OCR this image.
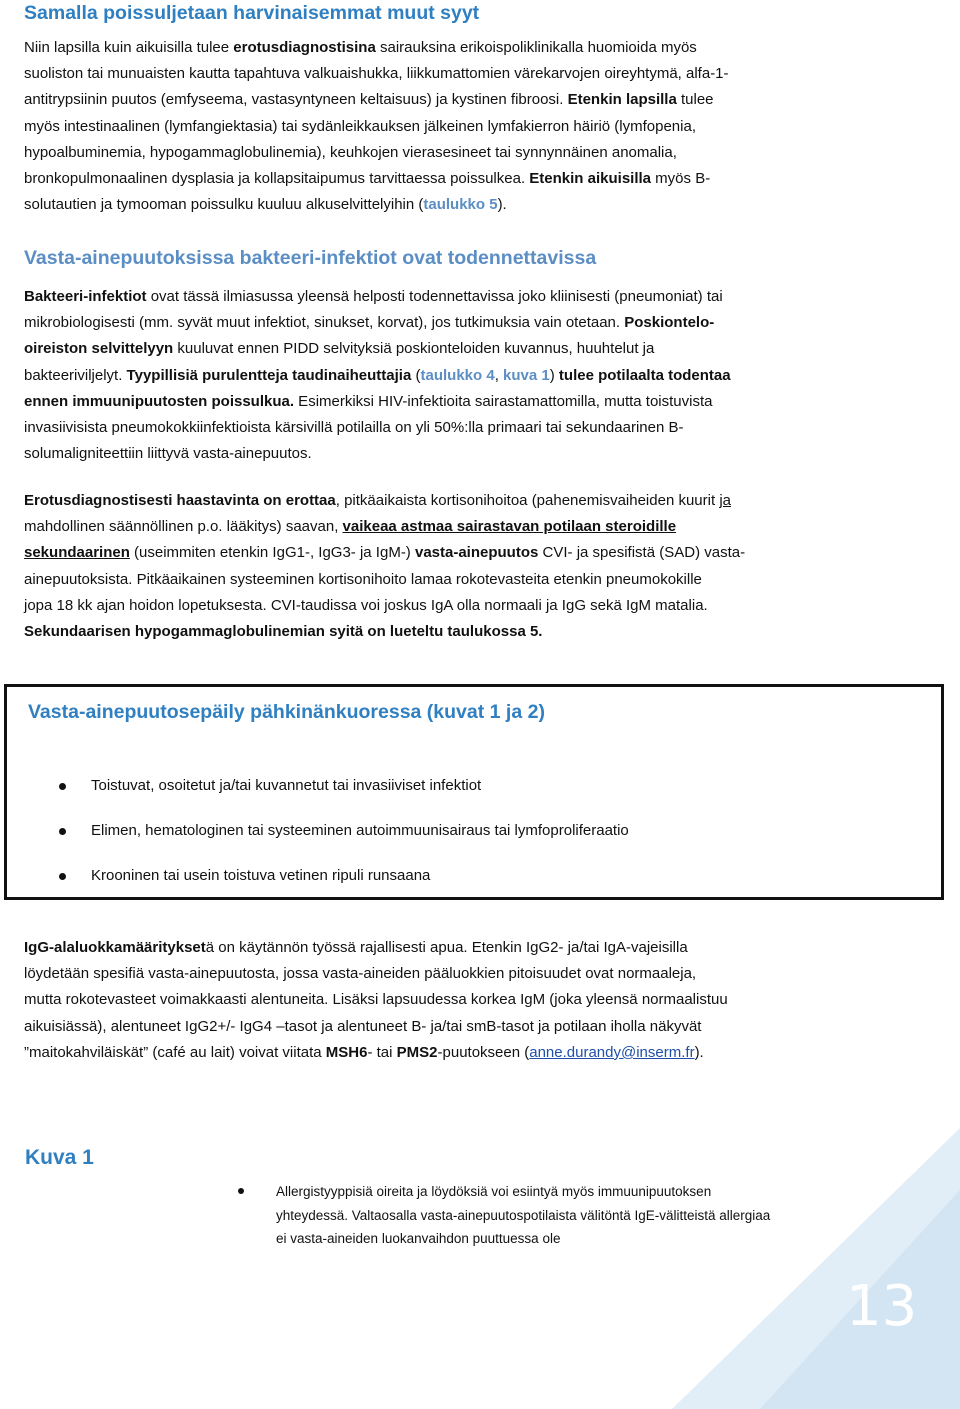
Samalla poissuljetaan harvinaisemmat muut syyt

Niin lapsilla kuin aikuisilla tulee erotusdiagnostisina sairauksina erikoispoliklinikalla huomioida myös
suoliston tai munuaisten kautta tapahtuva valkuaishukka, liikkumattomien värekarvojen oireyhtymä, alfa-1-
antitrypsiinin puutos (emfyseema, vastasyntyneen keltaisuus) ja kystinen fibroosi. Etenkin lapsilla tulee
myös intestinaalinen (lymfangiektasia) tai sydänleikkauksen jälkeinen lymfakierron häiriö (lymfopenia,
hypoalbuminemia, hypogammaglobulinemia), keuhkojen vierasesineet tai synnynnäinen anomalia,
bronkopulmonaalinen dysplasia ja kollapsitaipumus tarvittaessa poissulkea. Etenkin aikuisilla myös B-
solutautien ja tymooman poissulku kuuluu alkuselvittelyihin (taulukko 5).

Vasta-ainepuutoksissa bakteeri-infektiot ovat todennettavissa

Bakteeri-infektiot ovat tässä ilmiasussa yleensä helposti todennettavissa joko kliinisesti (pneumoniat) tai
mikrobiologisesti (mm. syvät muut infektiot, sinukset, korvat), jos tutkimuksia vain otetaan. Poskiontelo-
oireiston selvittelyyn kuuluvat ennen PIDD selvityksiä poskionteloiden kuvannus, huuhtelut ja
bakteeriviljelyt. Tyypillisiä purulentteja taudinaiheuttajia (taulukko 4, kuva 1) tulee potilaalta todentaa
ennen immuunipuutosten poissulkua. Esimerkiksi HIV-infektioita sairastamattomilla, mutta toistuvista
invasiivisista pneumokokkiinfektioista kärsivillä potilailla on yli 50%:lla primaari tai sekundaarinen B-
solumaligniteettiin liittyvä vasta-ainepuutos.

Erotusdiagnostisesti haastavinta on erottaa, pitkäaikaista kortisonihoitoa (pahenemisvaiheiden kuurit ja
mahdollinen säännöllinen p.o. lääkitys) saavan, vaikeaa astmaa sairastavan potilaan steroidille
sekundaarinen (useimmiten etenkin IgG1-, IgG3- ja IgM-) vasta-ainepuutos CVI- ja spesifistä (SAD) vasta-
ainepuutoksista. Pitkäaikainen systeeminen kortisonihoito lamaa rokotevasteita etenkin pneumokokille
jopa 18 kk ajan hoidon lopetuksesta. CVI-taudissa voi joskus IgA olla normaali ja IgG sekä IgM matalia.
Sekundaarisen hypogammaglobulinemian syitä on lueteltu taulukossa 5.

Vasta-ainepuutosepäily pähkinänkuoressa (kuvat 1 ja 2)
Toistuvat, osoitetut ja/tai kuvannetut tai invasiiviset infektiot
Elimen, hematologinen tai systeeminen autoimmuunisairaus tai lymfoproliferaatio
Krooninen tai usein toistuva vetinen ripuli runsaana

IgG-alaluokkamäärityksetä on käytännön työssä rajallisesti apua. Etenkin IgG2- ja/tai IgA-vajeisilla
löydetään spesifiä vasta-ainepuutosta, jossa vasta-aineiden pääluokkien pitoisuudet ovat normaaleja,
mutta rokotevasteet voimakkaasti alentuneita. Lisäksi lapsuudessa korkea IgM (joka yleensä normaalistuu
aikuisiässä), alentuneet IgG2+/- IgG4 –tasot ja alentuneet B- ja/tai smB-tasot ja potilaan iholla näkyvät
”maitokahviläiskät” (café au lait) voivat viitata MSH6- tai PMS2-puutokseen (anne.durandy@inserm.fr).

Kuva 1
Allergistyyppisiä oireita ja löydöksiä voi esiintyä myös immuunipuutoksen
yhteydessä. Valtaosalla vasta-ainepuutospotilaista välitöntä IgE-välitteistä allergiaa
ei vasta-aineiden luokanvaihdon puuttuessa ole
13
